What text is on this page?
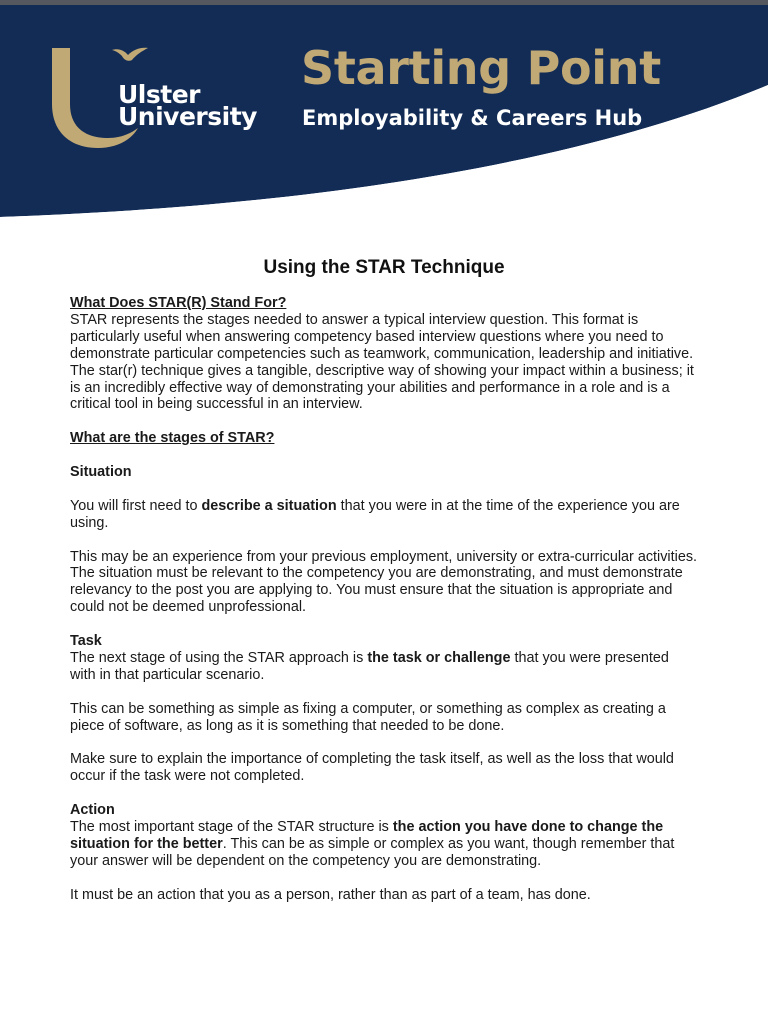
Ulster
University
Starting Point
Employability & Careers Hub
Using the STAR Technique

What Does STAR(R) Stand For?

STAR represents the stages needed to answer a typical interview question. This format is particularly useful when answering competency based interview questions where you need to demonstrate particular competencies such as teamwork, communication, leadership and initiative. The star(r) technique gives a tangible, descriptive way of showing your impact within a business; it is an incredibly effective way of demonstrating your abilities and performance in a role and is a critical tool in being successful in an interview.

What are the stages of STAR?

Situation

You will first need to describe a situation that you were in at the time of the experience you are using.

This may be an experience from your previous employment, university or extra-curricular activities. The situation must be relevant to the competency you are demonstrating, and must demonstrate relevancy to the post you are applying to. You must ensure that the situation is appropriate and could not be deemed unprofessional.

Task

The next stage of using the STAR approach is the task or challenge that you were presented with in that particular scenario.

This can be something as simple as fixing a computer, or something as complex as creating a piece of software, as long as it is something that needed to be done.

Make sure to explain the importance of completing the task itself, as well as the loss that would occur if the task were not completed.

Action

The most important stage of the STAR structure is the action you have done to change the situation for the better. This can be as simple or complex as you want, though remember that your answer will be dependent on the competency you are demonstrating.

It must be an action that you as a person, rather than as part of a team, has done.
